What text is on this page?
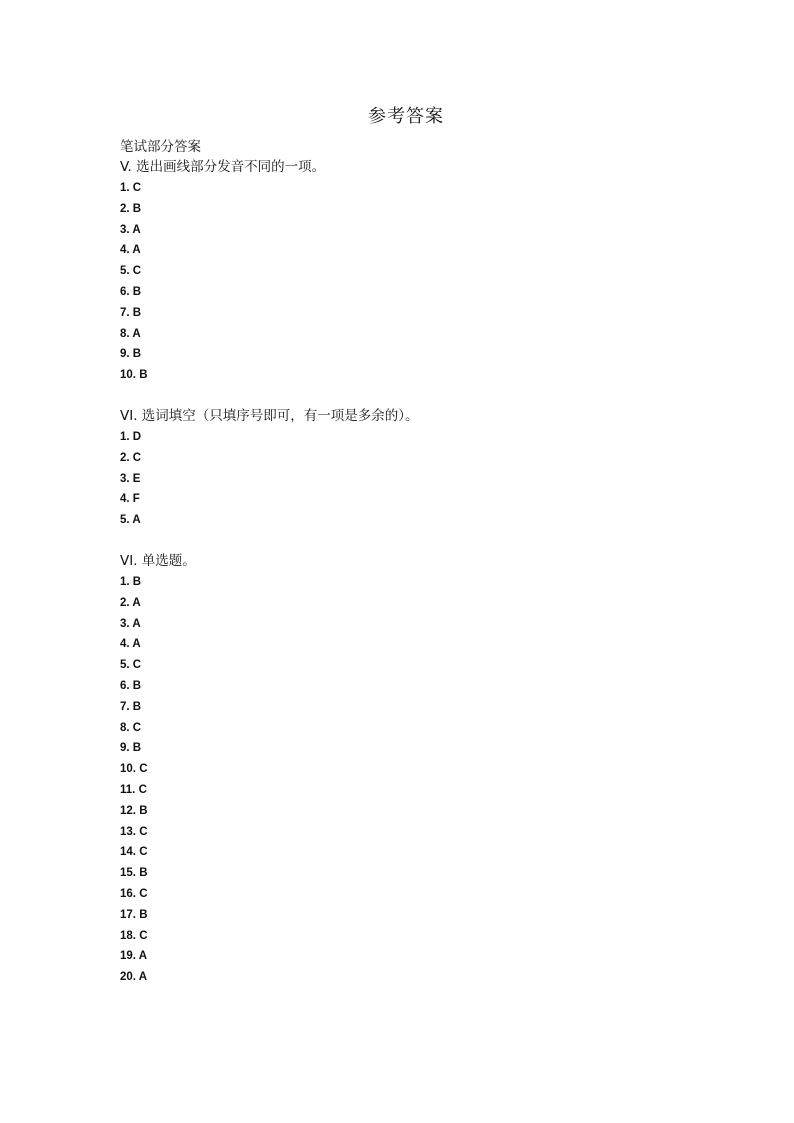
参考答案
笔试部分答案
V. 选出画线部分发音不同的一项。
1. C
2. B
3. A
4. A
5. C
6. B
7. B
8. A
9. B
10. B
VI. 选词填空（只填序号即可，有一项是多余的）。
1. D
2. C
3. E
4. F
5. A
VI. 单选题。
1. B
2. A
3. A
4. A
5. C
6. B
7. B
8. C
9. B
10. C
11. C
12. B
13. C
14. C
15. B
16. C
17. B
18. C
19. A
20. A
